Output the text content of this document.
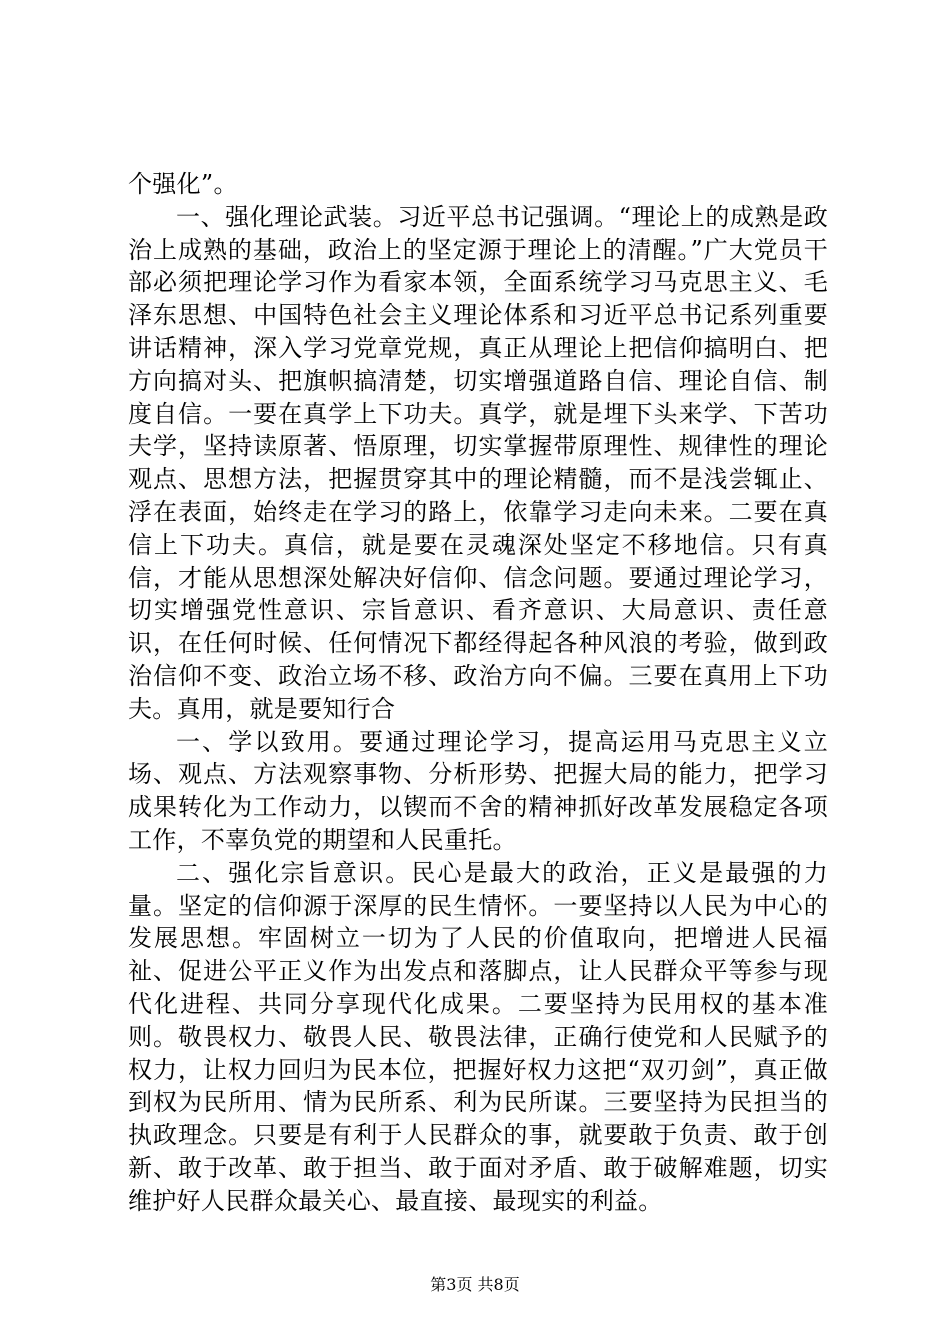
个强化”。

一、强化理论武装。习近平总书记强调。“理论上的成熟是政治上成熟的基础，政治上的坚定源于理论上的清醒。”广大党员干部必须把理论学习作为看家本领，全面系统学习马克思主义、毛泽东思想、中国特色社会主义理论体系和习近平总书记系列重要讲话精神，深入学习党章党规，真正从理论上把信仰搞明白、把方向搞对头、把旗帜搞清楚，切实增强道路自信、理论自信、制度自信。一要在真学上下功夫。真学，就是埋下头来学、下苦功夫学，坚持读原著、悟原理，切实掌握带原理性、规律性的理论观点、思想方法，把握贯穿其中的理论精髓，而不是浅尝辄止、浮在表面，始终走在学习的路上，依靠学习走向未来。二要在真信上下功夫。真信，就是要在灵魂深处坚定不移地信。只有真信，才能从思想深处解决好信仰、信念问题。要通过理论学习，切实增强党性意识、宗旨意识、看齐意识、大局意识、责任意识，在任何时候、任何情况下都经得起各种风浪的考验，做到政治信仰不变、政治立场不移、政治方向不偏。三要在真用上下功夫。真用，就是要知行合

一、学以致用。要通过理论学习，提高运用马克思主义立场、观点、方法观察事物、分析形势、把握大局的能力，把学习成果转化为工作动力，以锲而不舍的精神抓好改革发展稳定各项工作，不辜负党的期望和人民重托。

二、强化宗旨意识。民心是最大的政治，正义是最强的力量。坚定的信仰源于深厚的民生情怀。一要坚持以人民为中心的发展思想。牢固树立一切为了人民的价值取向，把增进人民福祉、促进公平正义作为出发点和落脚点，让人民群众平等参与现代化进程、共同分享现代化成果。二要坚持为民用权的基本准则。敬畏权力、敬畏人民、敬畏法律，正确行使党和人民赋予的权力，让权力回归为民本位，把握好权力这把“双刃剑”，真正做到权为民所用、情为民所系、利为民所谋。三要坚持为民担当的执政理念。只要是有利于人民群众的事，就要敢于负责、敢于创新、敢于改革、敢于担当、敢于面对矛盾、敢于破解难题，切实维护好人民群众最关心、最直接、最现实的利益。

第3页 共8页
